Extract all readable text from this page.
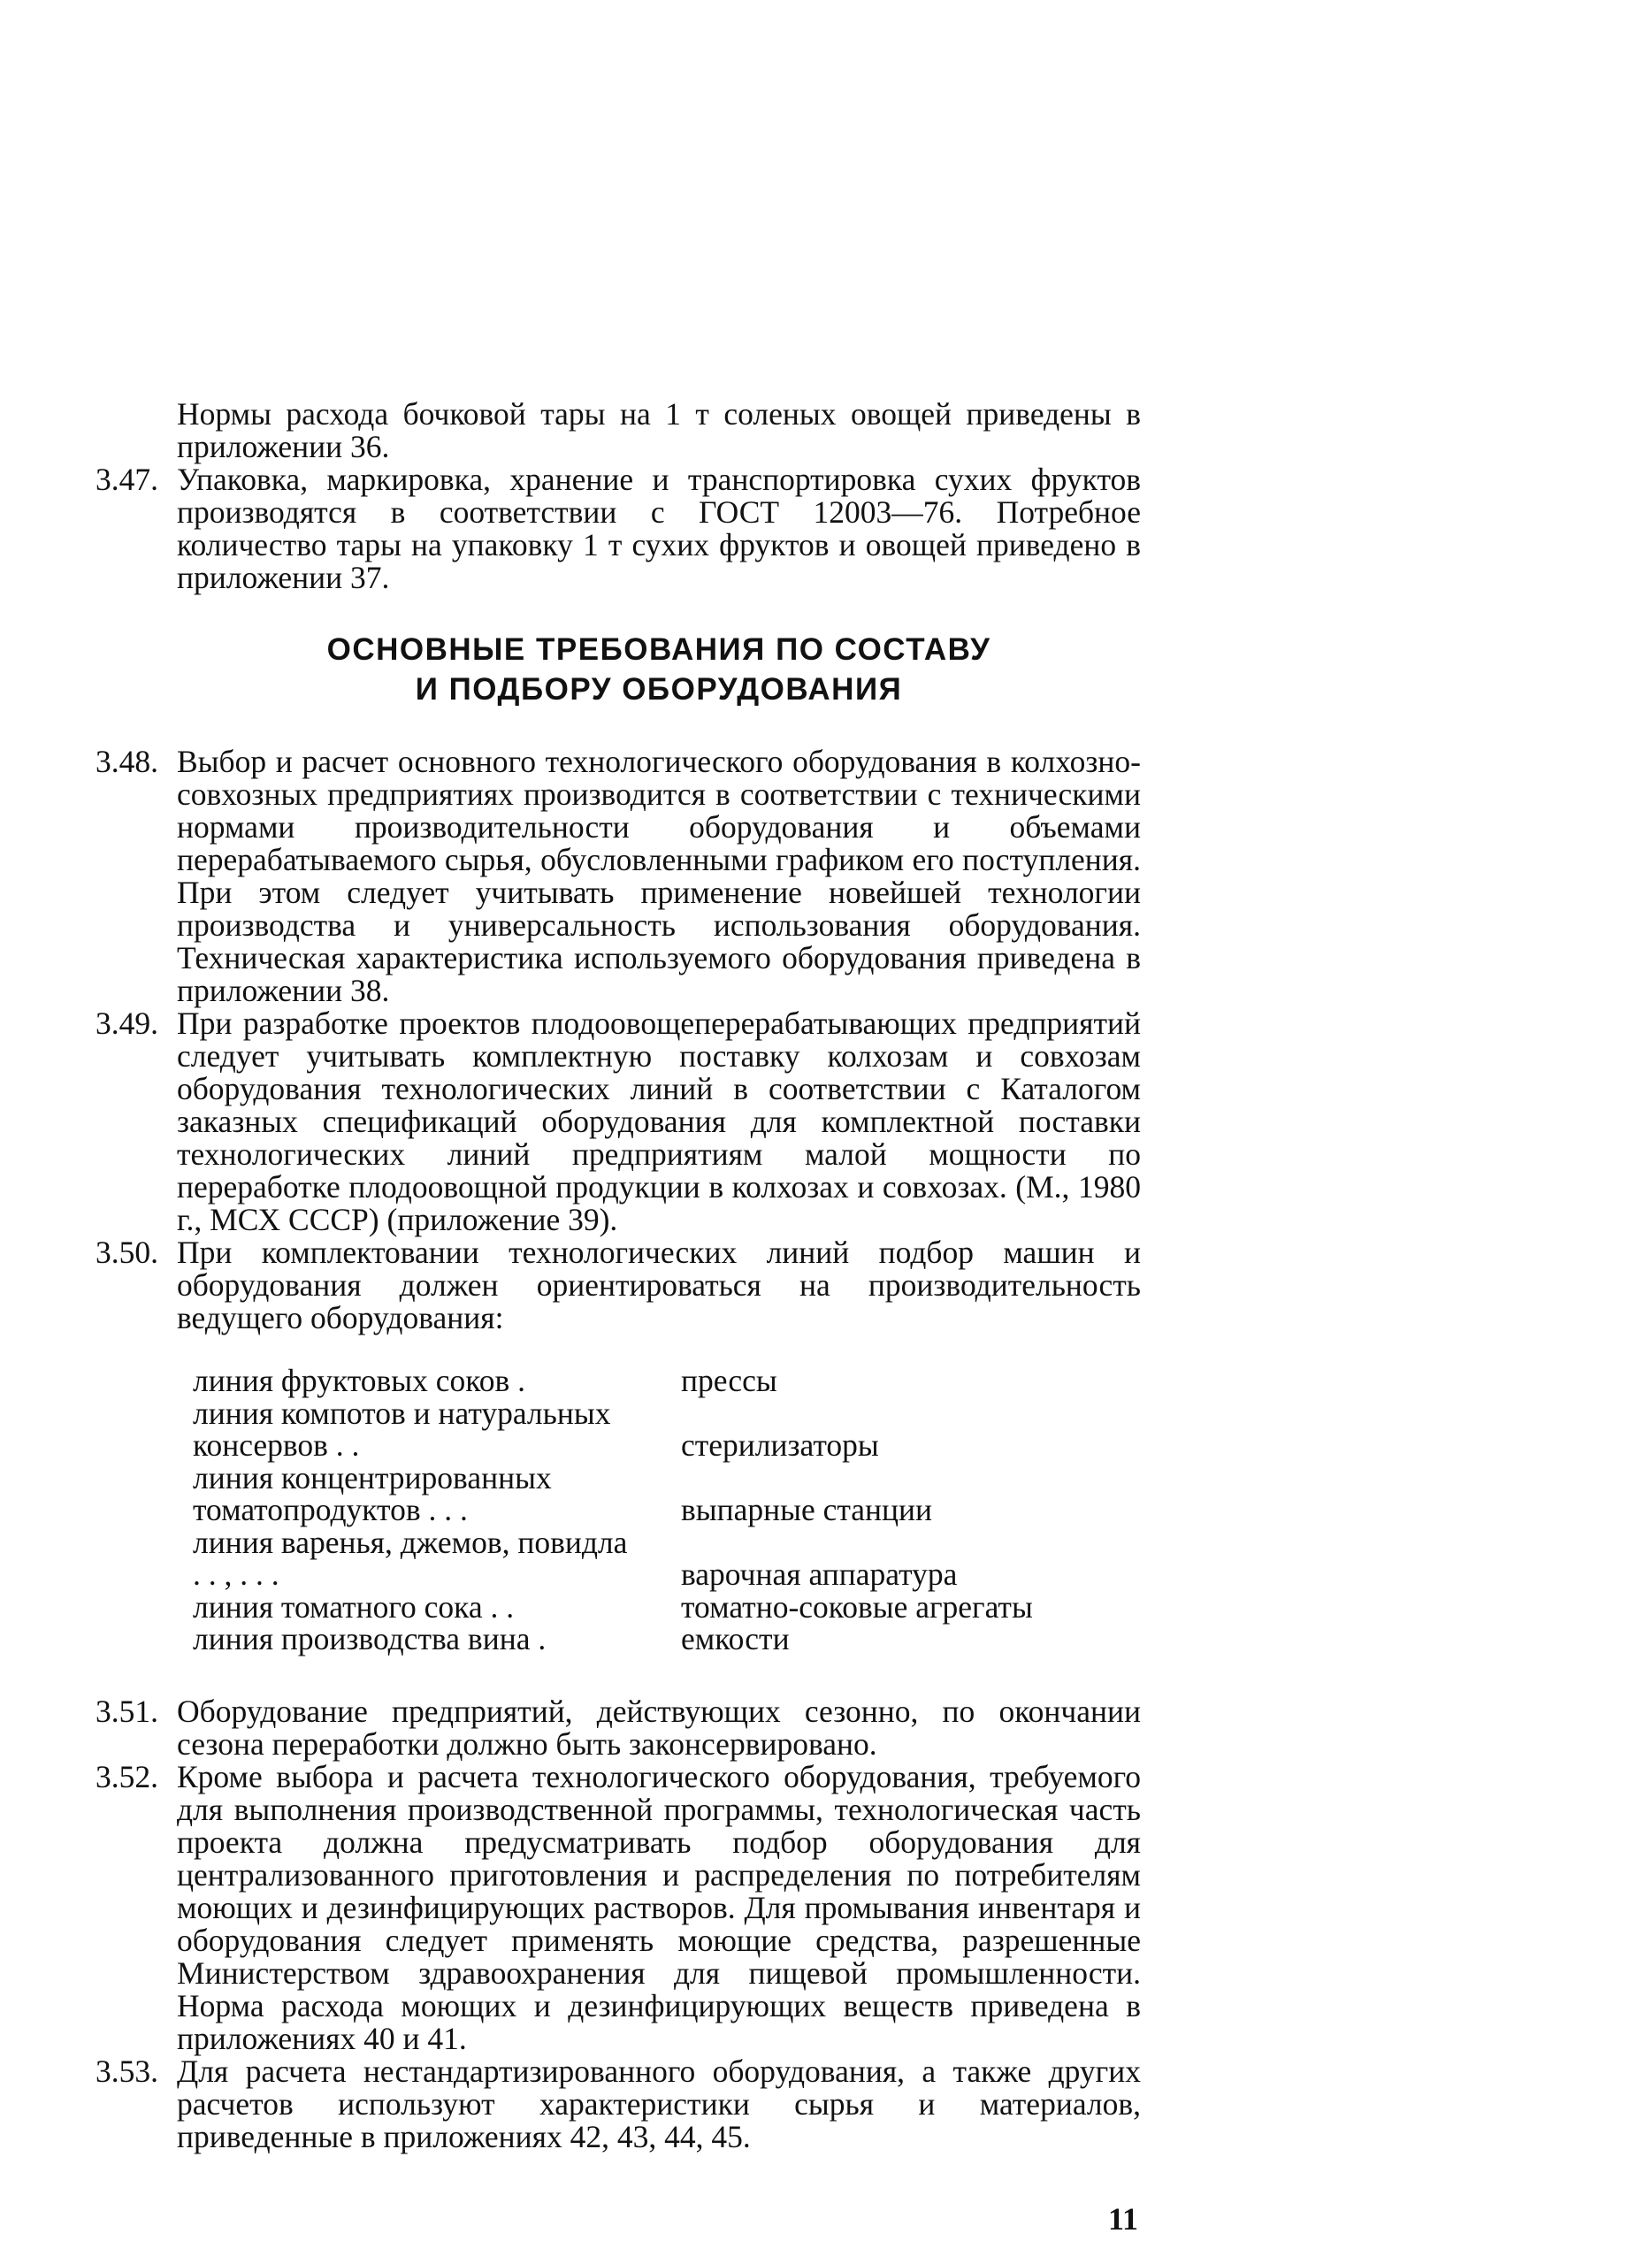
Нормы расхода бочковой тары на 1 т соленых овощей приведены в приложении 36.

3.47. Упаковка, маркировка, хранение и транспортировка сухих фруктов производятся в соответствии с ГОСТ 12003—76. Потребное количество тары на упаковку 1 т сухих фруктов и овощей приведено в приложении 37.

ОСНОВНЫЕ ТРЕБОВАНИЯ ПО СОСТАВУ
И ПОДБОРУ ОБОРУДОВАНИЯ

3.48. Выбор и расчет основного технологического оборудования в колхозно-совхозных предприятиях производится в соответствии с техническими нормами производительности оборудования и объемами перерабатываемого сырья, обусловленными графиком его поступления. При этом следует учитывать применение новейшей технологии производства и универсальность использования оборудования. Техническая характеристика используемого оборудования приведена в приложении 38.

3.49. При разработке проектов плодоовощеперерабатывающих предприятий следует учитывать комплектную поставку колхозам и совхозам оборудования технологических линий в соответствии с Каталогом заказных спецификаций оборудования для комплектной поставки технологических линий предприятиям малой мощности по переработке плодоовощной продукции в колхозах и совхозах. (М., 1980 г., МСХ СССР) (приложение 39).

3.50. При комплектовании технологических линий подбор машин и оборудования должен ориентироваться на производительность ведущего оборудования:

линия фруктовых соков .	прессы
линия компотов и натуральных консервов . .	стерилизаторы
линия концентрированных томатопродуктов . . .	выпарные станции
линия варенья, джемов, повидла . . , . . .	варочная аппаратура
линия томатного сока . .	томатно-соковые агрегаты
линия производства вина .	емкости

3.51. Оборудование предприятий, действующих сезонно, по окончании сезона переработки должно быть законсервировано.

3.52. Кроме выбора и расчета технологического оборудования, требуемого для выполнения производственной программы, технологическая часть проекта должна предусматривать подбор оборудования для централизованного приготовления и распределения по потребителям моющих и дезинфицирующих растворов. Для промывания инвентаря и оборудования следует применять моющие средства, разрешенные Министерством здравоохранения для пищевой промышленности. Норма расхода моющих и дезинфицирующих веществ приведена в приложениях 40 и 41.

3.53. Для расчета нестандартизированного оборудования, а также других расчетов используют характеристики сырья и материалов, приведенные в приложениях 42, 43, 44, 45.

11
